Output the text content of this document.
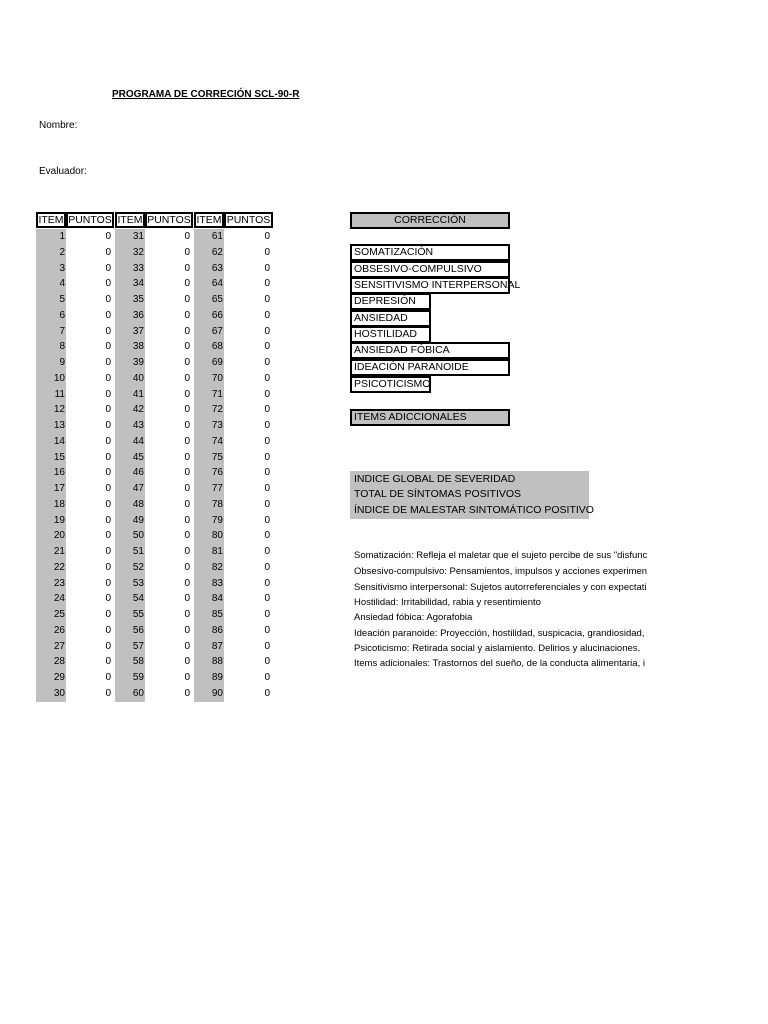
PROGRAMA DE CORRECIÓN SCL-90-R
Nombre:
Evaluador:
ITEM PUNTOS ITEM PUNTOS ITEM PUNTOS
1	0	31	0	61	0
2	0	32	0	62	0
3	0	33	0	63	0
4	0	34	0	64	0
5	0	35	0	65	0
6	0	36	0	66	0
7	0	37	0	67	0
8	0	38	0	68	0
9	0	39	0	69	0
10	0	40	0	70	0
11	0	41	0	71	0
12	0	42	0	72	0
13	0	43	0	73	0
14	0	44	0	74	0
15	0	45	0	75	0
16	0	46	0	76	0
17	0	47	0	77	0
18	0	48	0	78	0
19	0	49	0	79	0
20	0	50	0	80	0
21	0	51	0	81	0
22	0	52	0	82	0
23	0	53	0	83	0
24	0	54	0	84	0
25	0	55	0	85	0
26	0	56	0	86	0
27	0	57	0	87	0
28	0	58	0	88	0
29	0	59	0	89	0
30	0	60	0	90	0
CORRECCIÓN
SOMATIZACIÓN
OBSESIVO-COMPULSIVO
SENSITIVISMO INTERPERSONAL
DEPRESIÓN
ANSIEDAD
HOSTILIDAD
ANSIEDAD FÓBICA
IDEACIÓN PARANOIDE
PSICOTICISMO
ITEMS ADICCIONALES
INDICE GLOBAL DE SEVERIDAD
TOTAL DE SÍNTOMAS POSITIVOS
ÍNDICE DE MALESTAR SINTOMÁTICO POSITIVO
Somatización: Refleja el maletar que el sujeto percibe de sus "disfunc
Obsesivo-compulsivo: Pensamientos, impulsos y acciones experimen
Sensitivismo interpersonal: Sujetos autorreferenciales y con expectati
Hostilidad: Irritabilidad, rabia y resentimiento
Ansiedad fóbica: Agorafobia
Ideación paranoide: Proyección, hostilidad, suspicacia, grandiosidad,
Psicoticismo: Retirada social y aislamiento. Delirios y alucinaciones.
Items adicionales: Trastornos del sueño, de la conducta alimentaria, i
